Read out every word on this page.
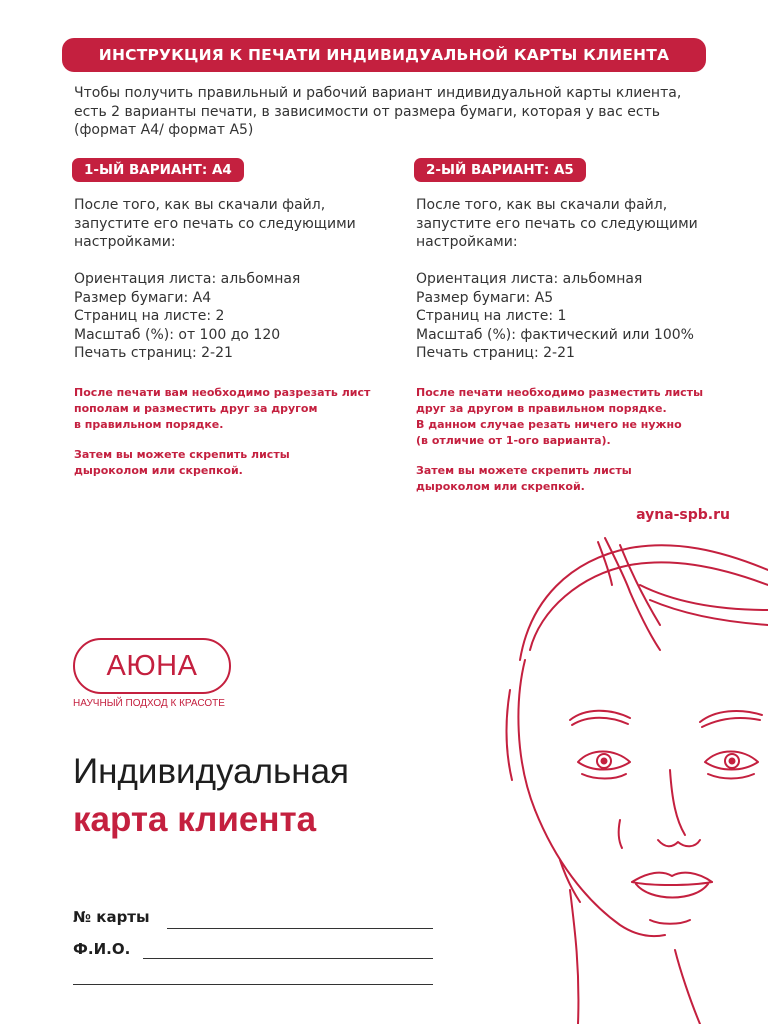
ИНСТРУКЦИЯ К ПЕЧАТИ ИНДИВИДУАЛЬНОЙ КАРТЫ КЛИЕНТА
Чтобы получить правильный и рабочий вариант индивидуальной карты клиента,
есть 2 варианты печати, в зависимости от размера бумаги, которая у вас есть
(формат А4/ формат А5)
1-ЫЙ ВАРИАНТ: А4
После того, как вы скачали файл,
запустите его печать со следующими
настройками:
Ориентация листа: альбомная
Размер бумаги: А4
Страниц на листе: 2
Масштаб (%): от 100 до 120
Печать страниц: 2-21
После печати вам необходимо разрезать лист
пополам и разместить друг за другом
в правильном порядке.
Затем вы можете скрепить листы
дыроколом или скрепкой.
2-ЫЙ ВАРИАНТ: А5
После того, как вы скачали файл,
запустите его печать со следующими
настройками:
Ориентация листа: альбомная
Размер бумаги: А5
Страниц на листе: 1
Масштаб (%): фактический или 100%
Печать страниц: 2-21
После печати необходимо разместить листы
друг за другом в правильном порядке.
В данном случае резать ничего не нужно
(в отличие от 1-ого варианта).
Затем вы можете скрепить листы
дыроколом или скрепкой.
ayna-spb.ru
АЮНА
НАУЧНЫЙ ПОДХОД К КРАСОТЕ
Индивидуальная
карта клиента
№ карты
Ф.И.О.
